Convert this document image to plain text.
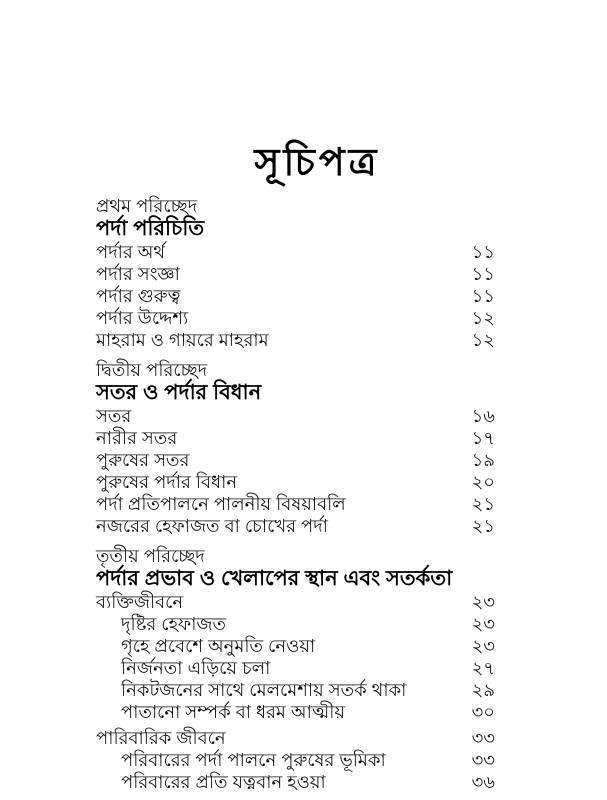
সূচিপত্র
প্রথম পরিচ্ছেদ
পর্দা পরিচিতি
পর্দার অর্থ	১১
পর্দার সংজ্ঞা	১১
পর্দার গুরুত্ব	১১
পর্দার উদ্দেশ্য	১২
মাহরাম ও গায়রে মাহরাম	১২
দ্বিতীয় পরিচ্ছেদ
সতর ও পর্দার বিধান
সতর	১৬
নারীর সতর	১৭
পুরুষের সতর	১৯
পুরুষের পর্দার বিধান	২০
পর্দা প্রতিপালনে পালনীয় বিষয়াবলি	২১
নজরের হেফাজত বা চোখের পর্দা	২১
তৃতীয় পরিচ্ছেদ
পর্দার প্রভাব ও খেলাপের স্থান এবং সতর্কতা
ব্যক্তিজীবনে	২৩
দৃষ্টির হেফাজত	২৩
গৃহে প্রবেশে অনুমতি নেওয়া	২৩
নির্জনতা এড়িয়ে চলা	২৭
নিকটজনের সাথে মেলমেশায় সতর্ক থাকা	২৯
পাতানো সম্পর্ক বা ধরম আত্মীয়	৩০
পারিবারিক জীবনে	৩৩
পরিবারের পর্দা পালনে পুরুষের ভূমিকা	৩৩
পরিবারের প্রতি যত্নবান হওয়া	৩৬
